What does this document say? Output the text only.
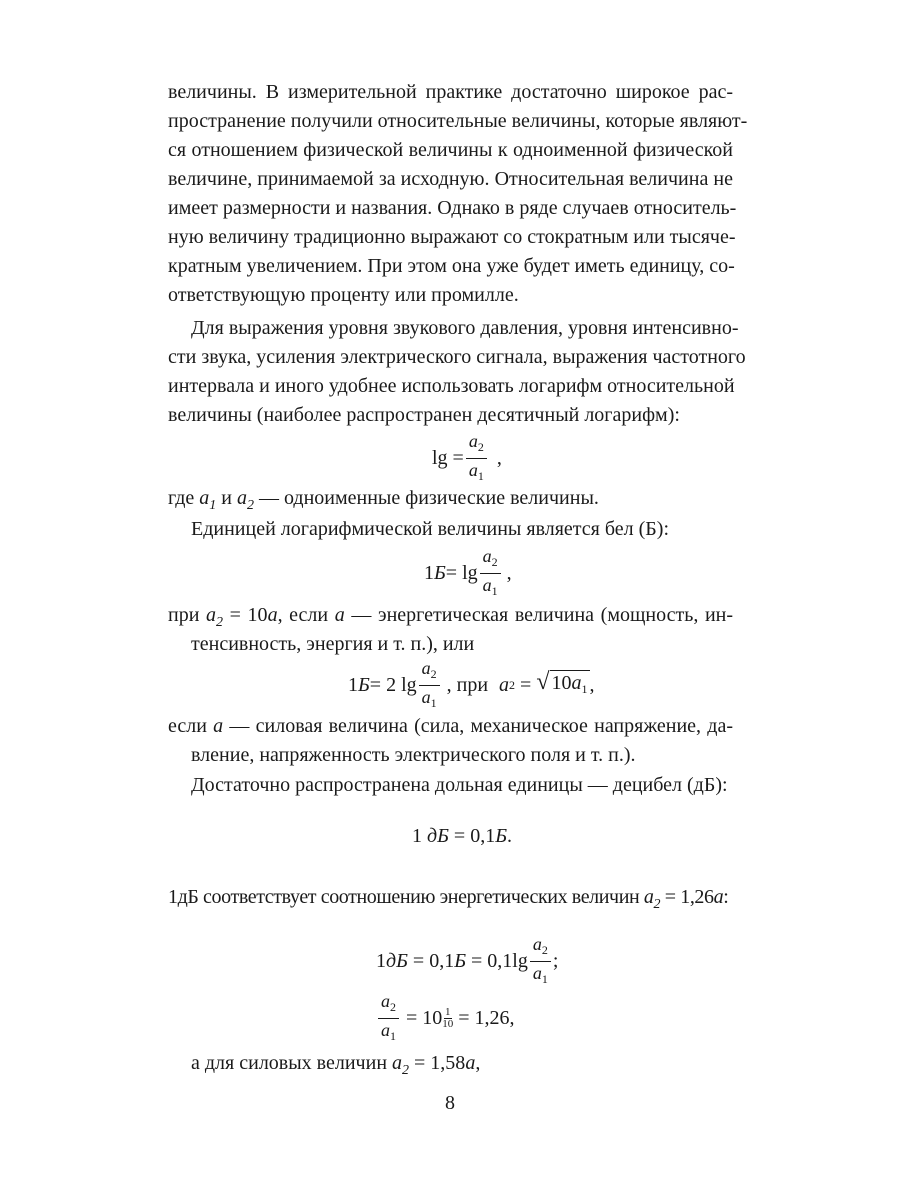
величины. В измерительной практике достаточно широкое рас-
пространение получили относительные величины, которые являют-
ся отношением физической величины к одноименной физической
величине, принимаемой за исходную. Относительная величина не
имеет размерности и названия. Однако в ряде случаев относитель-
ную величину традиционно выражают со стократным или тысяче-
кратным увеличением. При этом она уже будет иметь единицу, со-
ответствующую проценту или промилле.
Для выражения уровня звукового давления, уровня интенсивно-
сти звука, усиления электрического сигнала, выражения частотного
интервала и иного удобнее использовать логарифм относительной
величины (наиболее распространен десятичный логарифм):
$\lg = \frac{a_2}{a_1}$ ,
где $a_1$ и $a_2$ — одноименные физические величины.
Единицей логарифмической величины является бел (Б):
1 $Б = \lg \frac{a_2}{a_1}$ ,
при $a_2 = 10a$, если a — энергетическая величина (мощность, ин-
тенсивность, энергия и т. п.), или
1 Б = 2 $\lg \frac{a_2}{a_1}$ , при a 2 = √ $10a_1$ ,
если a — силовая величина (сила, механическое напряжение, да-
вление, напряженность электрического поля и т. п.).
Достаточно распространена дольная единицы — децибел (дБ):
1 дБ = 0,1 Б .
1дБ соответствует соотношению энергетических величин $a_2 = 1,26a$:
1 дБ = 0,1 $Б = 0,1\lg \frac{a_2}{a_1}$ ;
$\frac{a_2}{a_1} = 10 \frac{1}{10} = 1,26$,
а для силовых величин $a_2 = 1,58a$,
8
